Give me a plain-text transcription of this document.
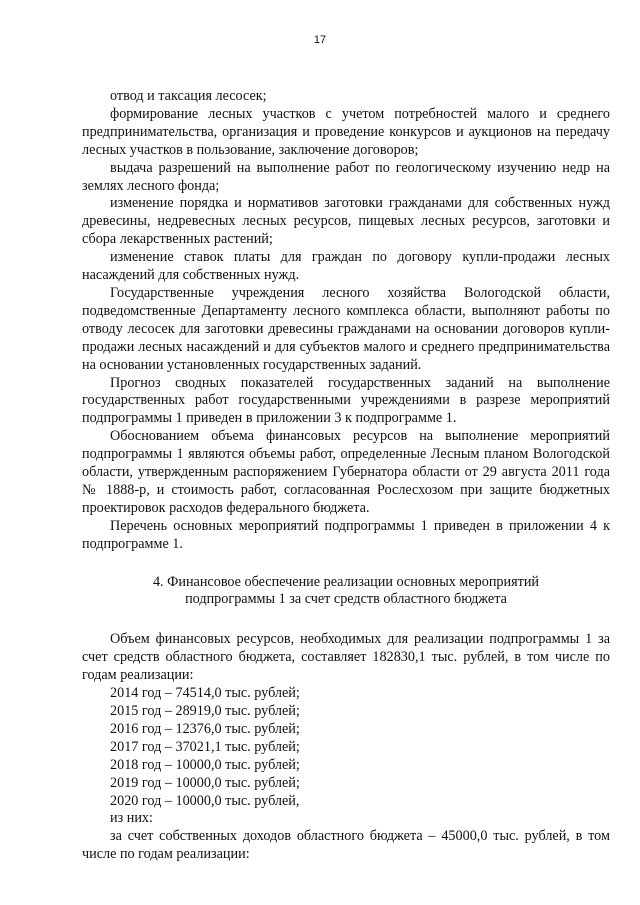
17

отвод и таксация лесосек;

формирование лесных участков с учетом потребностей малого и среднего предпринимательства, организация и проведение конкурсов и аукционов на передачу лесных участков в пользование, заключение договоров;

выдача разрешений на выполнение работ по геологическому изучению недр на землях лесного фонда;

изменение порядка и нормативов заготовки гражданами для собственных нужд древесины, недревесных лесных ресурсов, пищевых лесных ресурсов, заготовки и сбора лекарственных растений;

изменение ставок платы для граждан по договору купли-продажи лесных насаждений для собственных нужд.

Государственные учреждения лесного хозяйства Вологодской области, подведомственные Департаменту лесного комплекса области, выполняют работы по отводу лесосек для заготовки древесины гражданами на основании договоров купли-продажи лесных насаждений и для субъектов малого и среднего предпринимательства на основании установленных государственных заданий.

Прогноз сводных показателей государственных заданий на выполнение государственных работ государственными учреждениями в разрезе мероприятий подпрограммы 1 приведен в приложении 3 к подпрограмме 1.

Обоснованием объема финансовых ресурсов на выполнение мероприятий подпрограммы 1 являются объемы работ, определенные Лесным планом Вологодской области, утвержденным распоряжением Губернатора области от 29 августа 2011 года № 1888-р, и стоимость работ, согласованная Рослесхозом при защите бюджетных проектировок расходов федерального бюджета.

Перечень основных мероприятий подпрограммы 1 приведен в приложении 4 к подпрограмме 1.

4. Финансовое обеспечение реализации основных мероприятий
подпрограммы 1 за счет средств областного бюджета

Объем финансовых ресурсов, необходимых для реализации подпрограммы 1 за счет средств областного бюджета, составляет 182830,1 тыс. рублей, в том числе по годам реализации:

2014 год – 74514,0 тыс. рублей;
2015 год – 28919,0 тыс. рублей;
2016 год – 12376,0 тыс. рублей;
2017 год – 37021,1 тыс. рублей;
2018 год – 10000,0 тыс. рублей;
2019 год – 10000,0 тыс. рублей;
2020 год – 10000,0 тыс. рублей,
из них:

за счет собственных доходов областного бюджета – 45000,0 тыс. рублей, в том числе по годам реализации:
